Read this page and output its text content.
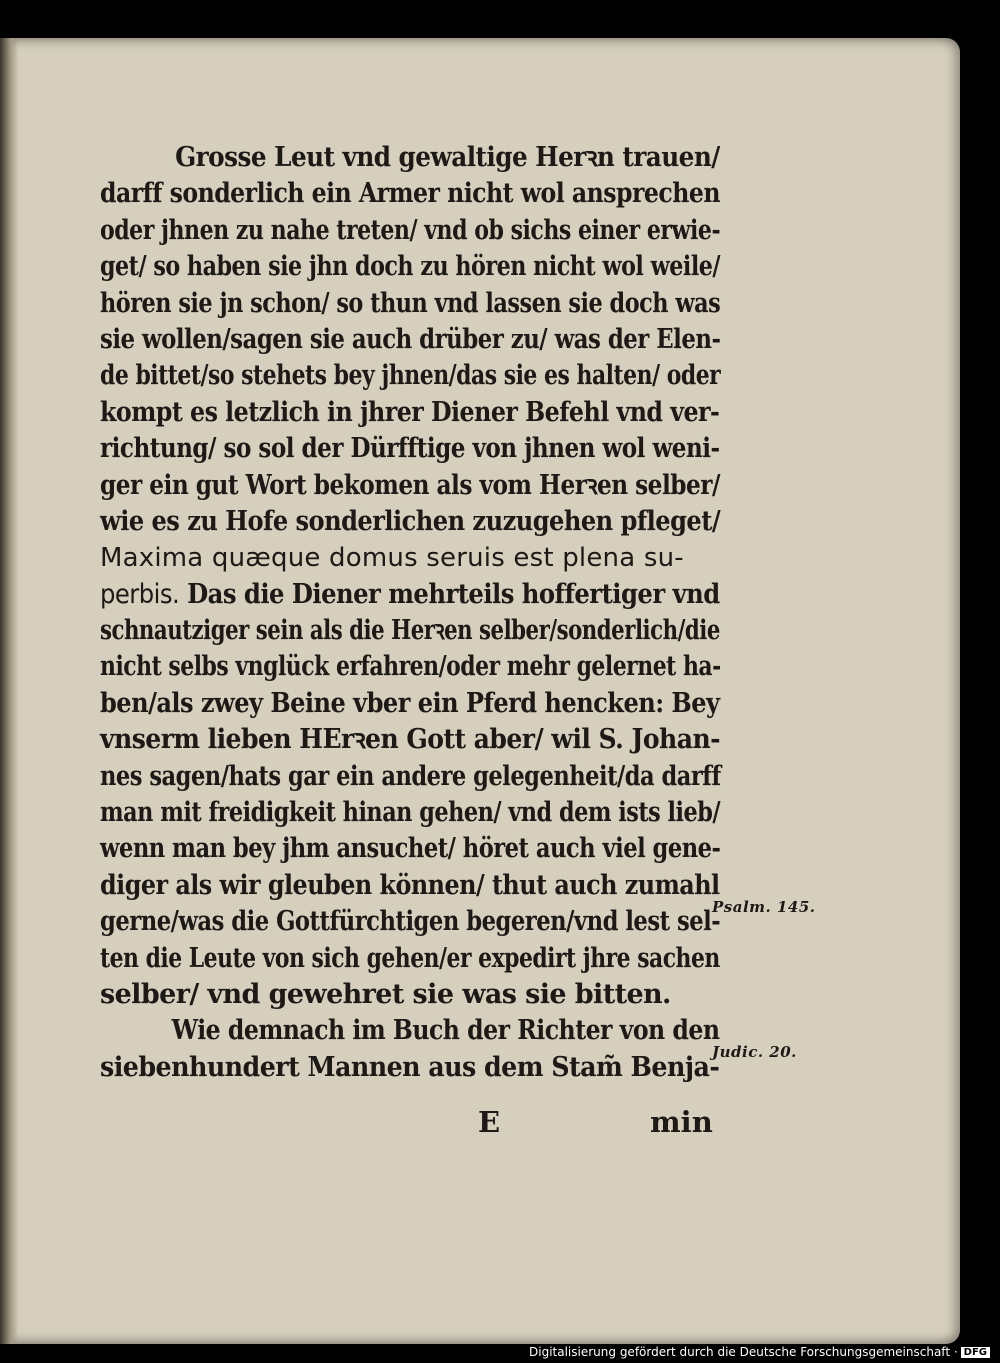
Grosse Leut vnd gewaltige Herꝛn trauen/
darff sonderlich ein Armer nicht wol ansprechen
oder jhnen zu nahe treten/ vnd ob sichs einer erwie-
get/ so haben sie jhn doch zu hören nicht wol weile/
hören sie jn schon/ so thun vnd lassen sie doch was
sie wollen/sagen sie auch drüber zu/ was der Elen-
de bittet/so stehets bey jhnen/das sie es halten/ oder
kompt es letzlich in jhrer Diener Befehl vnd ver-
richtung/ so sol der Dürfftige von jhnen wol weni-
ger ein gut Wort bekomen als vom Herꝛen selber/
wie es zu Hofe sonderlichen zuzugehen pfleget/
Maxima quæque domus seruis est plena su-
perbis. Das die Diener mehrteils hoffertiger vnd
schnautziger sein als die Herꝛen selber/sonderlich/die
nicht selbs vnglück erfahren/oder mehr gelernet ha-
ben/als zwey Beine vber ein Pferd hencken: Bey
vnserm lieben HErꝛen Gott aber/ wil S. Johan-
nes sagen/hats gar ein andere gelegenheit/da darff
man mit freidigkeit hinan gehen/ vnd dem ists lieb/
wenn man bey jhm ansuchet/ höret auch viel gene-
diger als wir gleuben können/ thut auch zumahl
gerne/was die Gottfürchtigen begeren/vnd lest sel-
ten die Leute von sich gehen/er expedirt jhre sachen
selber/ vnd gewehret sie was sie bitten.
Wie demnach im Buch der Richter von den
siebenhundert Mannen aus dem Stam̃ Benja-
Psalm. 145.
Judic. 20.
E	min
Digitalisierung gefördert durch die Deutsche Forschungsgemeinschaft · DFG
